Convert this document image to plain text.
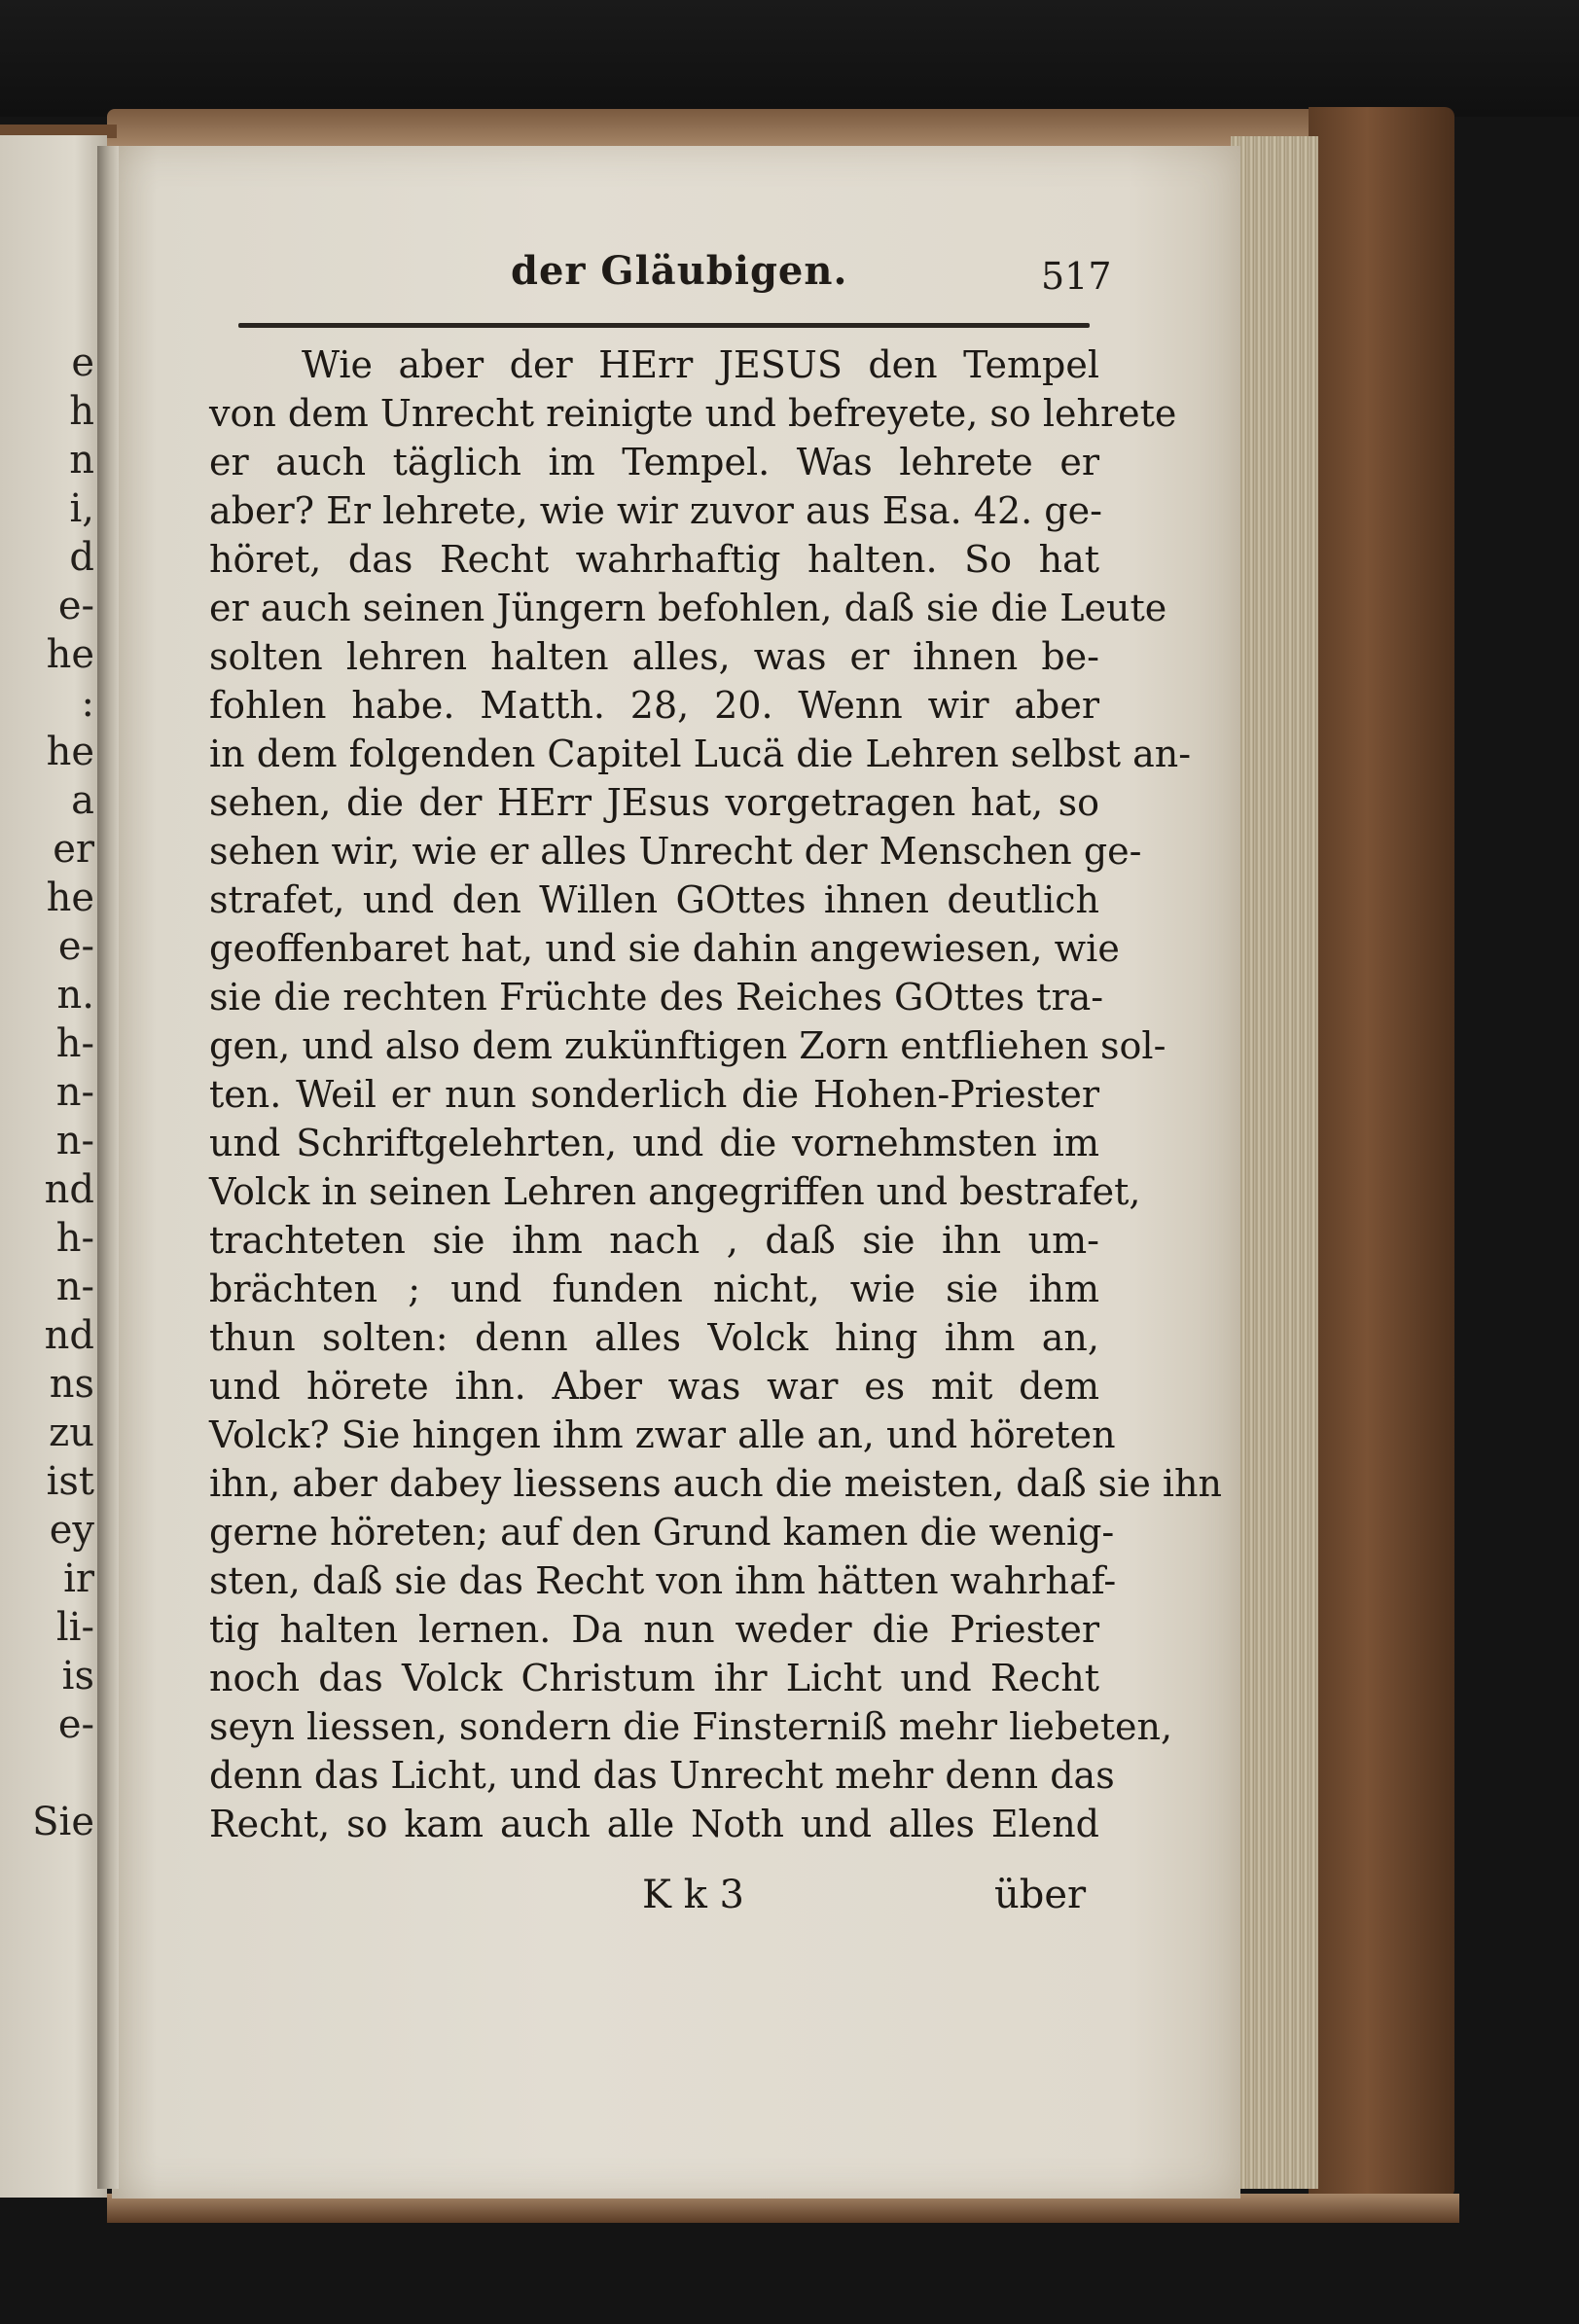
e
h
n
i,
d
e-
he
:
he
a
er
he
e-
n.
h-
n-
n-
nd
h-
n-
nd
ns
zu
ist
ey
ir
li-
is
e-
Sie
der Gläubigen.	517
Wie aber der HErr JESUS den Tempel
von dem Unrecht reinigte und befreyete, so lehrete
er auch täglich im Tempel. Was lehrete er
aber? Er lehrete, wie wir zuvor aus Esa. 42. ge-
höret, das Recht wahrhaftig halten. So hat
er auch seinen Jüngern befohlen, daß sie die Leute
solten lehren halten alles, was er ihnen be-
fohlen habe. Matth. 28, 20. Wenn wir aber
in dem folgenden Capitel Lucä die Lehren selbst an-
sehen, die der HErr JEsus vorgetragen hat, so
sehen wir, wie er alles Unrecht der Menschen ge-
strafet, und den Willen GOttes ihnen deutlich
geoffenbaret hat, und sie dahin angewiesen, wie
sie die rechten Früchte des Reiches GOttes tra-
gen, und also dem zukünftigen Zorn entfliehen sol-
ten. Weil er nun sonderlich die Hohen-Priester
und Schriftgelehrten, und die vornehmsten im
Volck in seinen Lehren angegriffen und bestrafet,
trachteten sie ihm nach , daß sie ihn um-
brächten ; und funden nicht, wie sie ihm
thun solten: denn alles Volck hing ihm an,
und hörete ihn. Aber was war es mit dem
Volck? Sie hingen ihm zwar alle an, und höreten
ihn, aber dabey liessens auch die meisten, daß sie ihn
gerne höreten; auf den Grund kamen die wenig-
sten, daß sie das Recht von ihm hätten wahrhaf-
tig halten lernen. Da nun weder die Priester
noch das Volck Christum ihr Licht und Recht
seyn liessen, sondern die Finsterniß mehr liebeten,
denn das Licht, und das Unrecht mehr denn das
Recht, so kam auch alle Noth und alles Elend
K k 3	über
